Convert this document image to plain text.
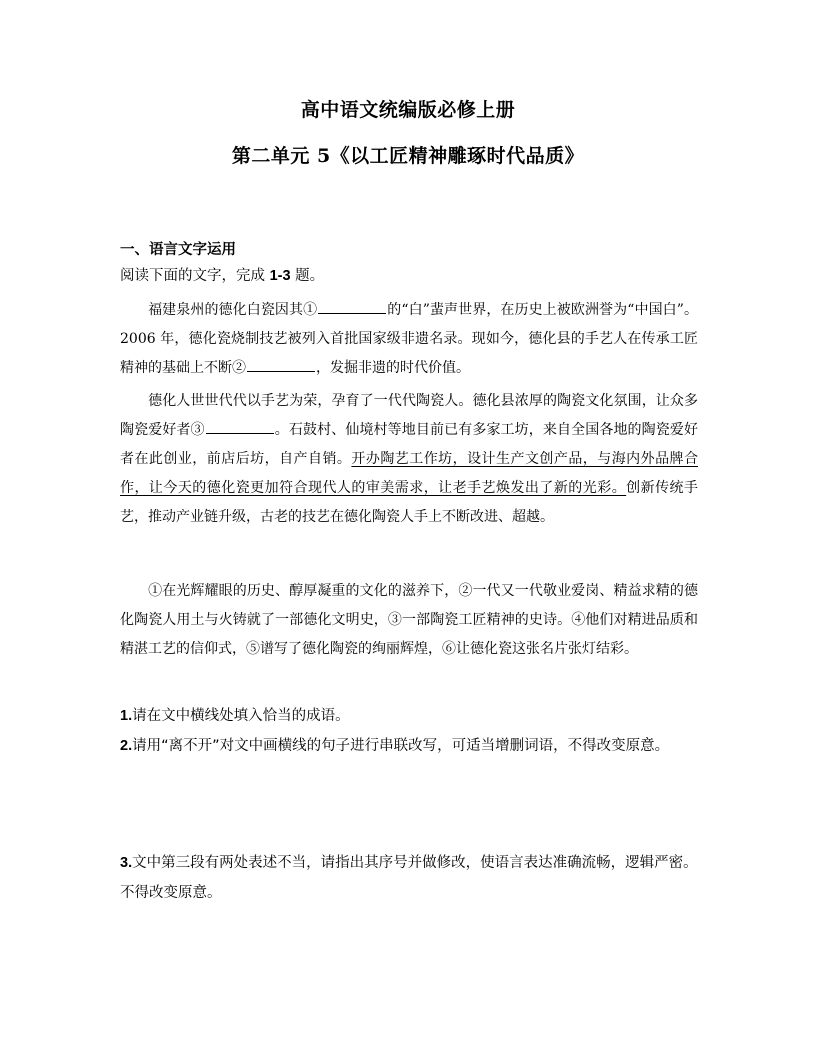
高中语文统编版必修上册
第二单元 5《以工匠精神雕琢时代品质》
一、语言文字运用
阅读下面的文字，完成 1-3 题。
福建泉州的德化白瓷因其①	的“白”蜚声世界，在历史上被欧洲誉为“中国白”。2006 年，德化瓷烧制技艺被列入首批国家级非遗名录。现如今，德化县的手艺人在传承工匠精神的基础上不断②	，发掘非遗的时代价值。
德化人世世代代以手艺为荣，孕育了一代代陶瓷人。德化县浓厚的陶瓷文化氛围，让众多陶瓷爱好者③	。石鼓村、仙境村等地目前已有多家工坊，来自全国各地的陶瓷爱好者在此创业，前店后坊，自产自销。开办陶艺工作坊，设计生产文创产品，与海内外品牌合作，让今天的德化瓷更加符合现代人的审美需求，让老手艺焕发出了新的光彩。创新传统手艺，推动产业链升级，古老的技艺在德化陶瓷人手上不断改进、超越。
①在光辉耀眼的历史、醇厚凝重的文化的滋养下，②一代又一代敬业爱岗、精益求精的德化陶瓷人用土与火铸就了一部德化文明史，③一部陶瓷工匠精神的史诗。④他们对精进品质和精湛工艺的信仰式，⑤谱写了德化陶瓷的绚丽辉煌，⑥让德化瓷这张名片张灯结彩。
1.请在文中横线处填入恰当的成语。
2.请用“离不开”对文中画横线的句子进行串联改写，可适当增删词语，不得改变原意。
3.文中第三段有两处表述不当，请指出其序号并做修改，使语言表达准确流畅，逻辑严密。不得改变原意。
